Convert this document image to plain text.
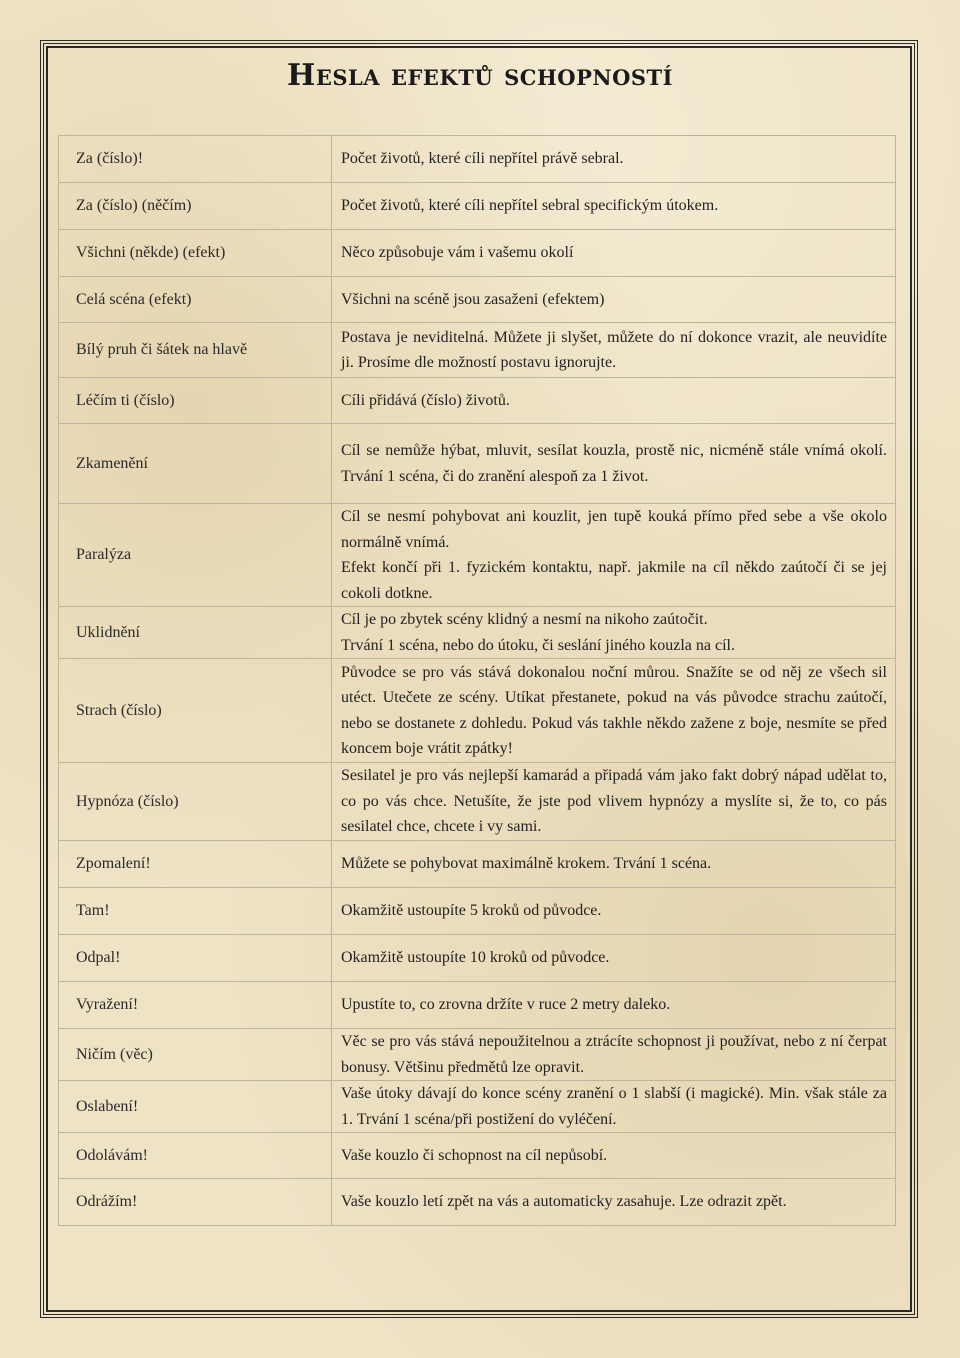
Hesla efektů schopností
Za (číslo)!	Počet životů, které cíli nepřítel právě sebral.

Za (číslo) (něčím)	Počet životů, které cíli nepřítel sebral specifickým útokem.

Všichni (někde) (efekt)	Něco způsobuje vám i vašemu okolí

Celá scéna (efekt)	Všichni na scéně jsou zasaženi (efektem)

Bílý pruh či šátek na hlavě	Postava je neviditelná. Můžete ji slyšet, můžete do ní dokonce vrazit, ale neuvidíte ji. Prosíme dle možností postavu ignorujte.

Léčím ti (číslo)	Cíli přidává (číslo) životů.

Zkamenění	Cíl se nemůže hýbat, mluvit, sesílat kouzla, prostě nic, nicméně stále vnímá okolí. Trvání 1 scéna, či do zranění alespoň za 1 život.

Paralýza	Cíl se nesmí pohybovat ani kouzlit, jen tupě kouká přímo před sebe a vše okolo normálně vnímá.
Efekt končí při 1. fyzickém kontaktu, např. jakmile na cíl někdo zaútočí či se jej cokoli dotkne.

Uklidnění	Cíl je po zbytek scény klidný a nesmí na nikoho zaútočit.
Trvání 1 scéna, nebo do útoku, či seslání jiného kouzla na cíl.

Strach (číslo)	Původce se pro vás stává dokonalou noční můrou. Snažíte se od něj ze všech sil utéct. Utečete ze scény. Utíkat přestanete, pokud na vás původce strachu zaútočí, nebo se dostanete z dohledu. Pokud vás takhle někdo zažene z boje, nesmíte se před koncem boje vrátit zpátky!

Hypnóza (číslo)	Sesilatel je pro vás nejlepší kamarád a připadá vám jako fakt dobrý nápad udělat to, co po vás chce. Netušíte, že jste pod vlivem hypnózy a myslíte si, že to, co pás sesilatel chce, chcete i vy sami.

Zpomalení!	Můžete se pohybovat maximálně krokem. Trvání 1 scéna.

Tam!	Okamžitě ustoupíte 5 kroků od původce.

Odpal!	Okamžitě ustoupíte 10 kroků od původce.

Vyražení!	Upustíte to, co zrovna držíte v ruce 2 metry daleko.

Ničím (věc)	Věc se pro vás stává nepoužitelnou a ztrácíte schopnost ji používat, nebo z ní čerpat bonusy. Většinu předmětů lze opravit.

Oslabení!	Vaše útoky dávají do konce scény zranění o 1 slabší (i magické). Min. však stále za 1. Trvání 1 scéna/při postižení do vyléčení.

Odolávám!	Vaše kouzlo či schopnost na cíl nepůsobí.

Odrážím!	Vaše kouzlo letí zpět na vás a automaticky zasahuje. Lze odrazit zpět.
